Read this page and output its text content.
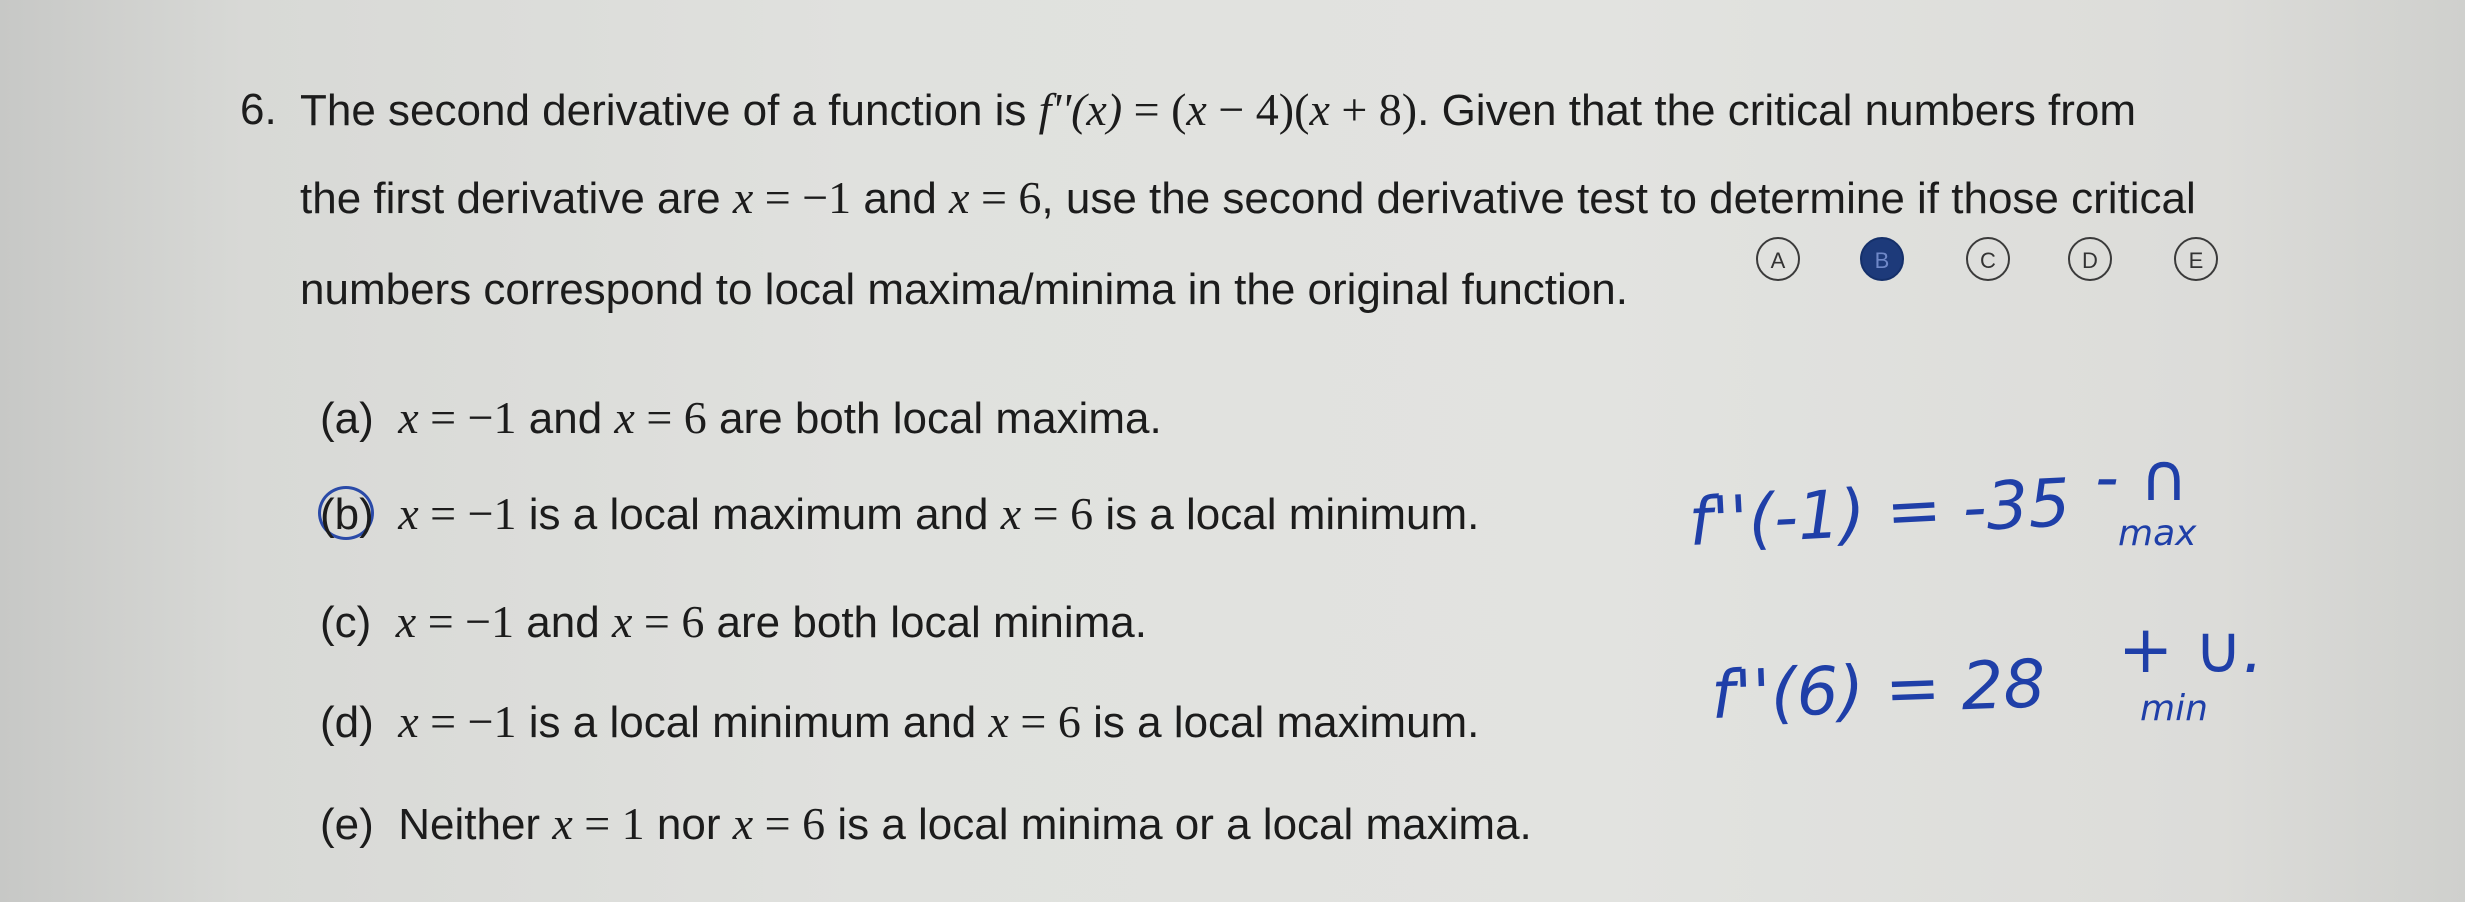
6. The second derivative of a function is f''(x) = (x − 4)(x + 8). Given that the critical numbers from
the first derivative are x = −1 and x = 6, use the second derivative test to determine if those critical
numbers correspond to local maxima/minima in the original function.
A	B	C	D	E
(a) x = −1 and x = 6 are both local maxima.
(b) x = −1 is a local maximum and x = 6 is a local minimum.
(c) x = −1 and x = 6 are both local minima.
(d) x = −1 is a local minimum and x = 6 is a local maximum.
(e) Neither x = 1 nor x = 6 is a local minima or a local maxima.
f''(-1) = -35 - ∩
max
f''(6) = 28 + ∪.
min
